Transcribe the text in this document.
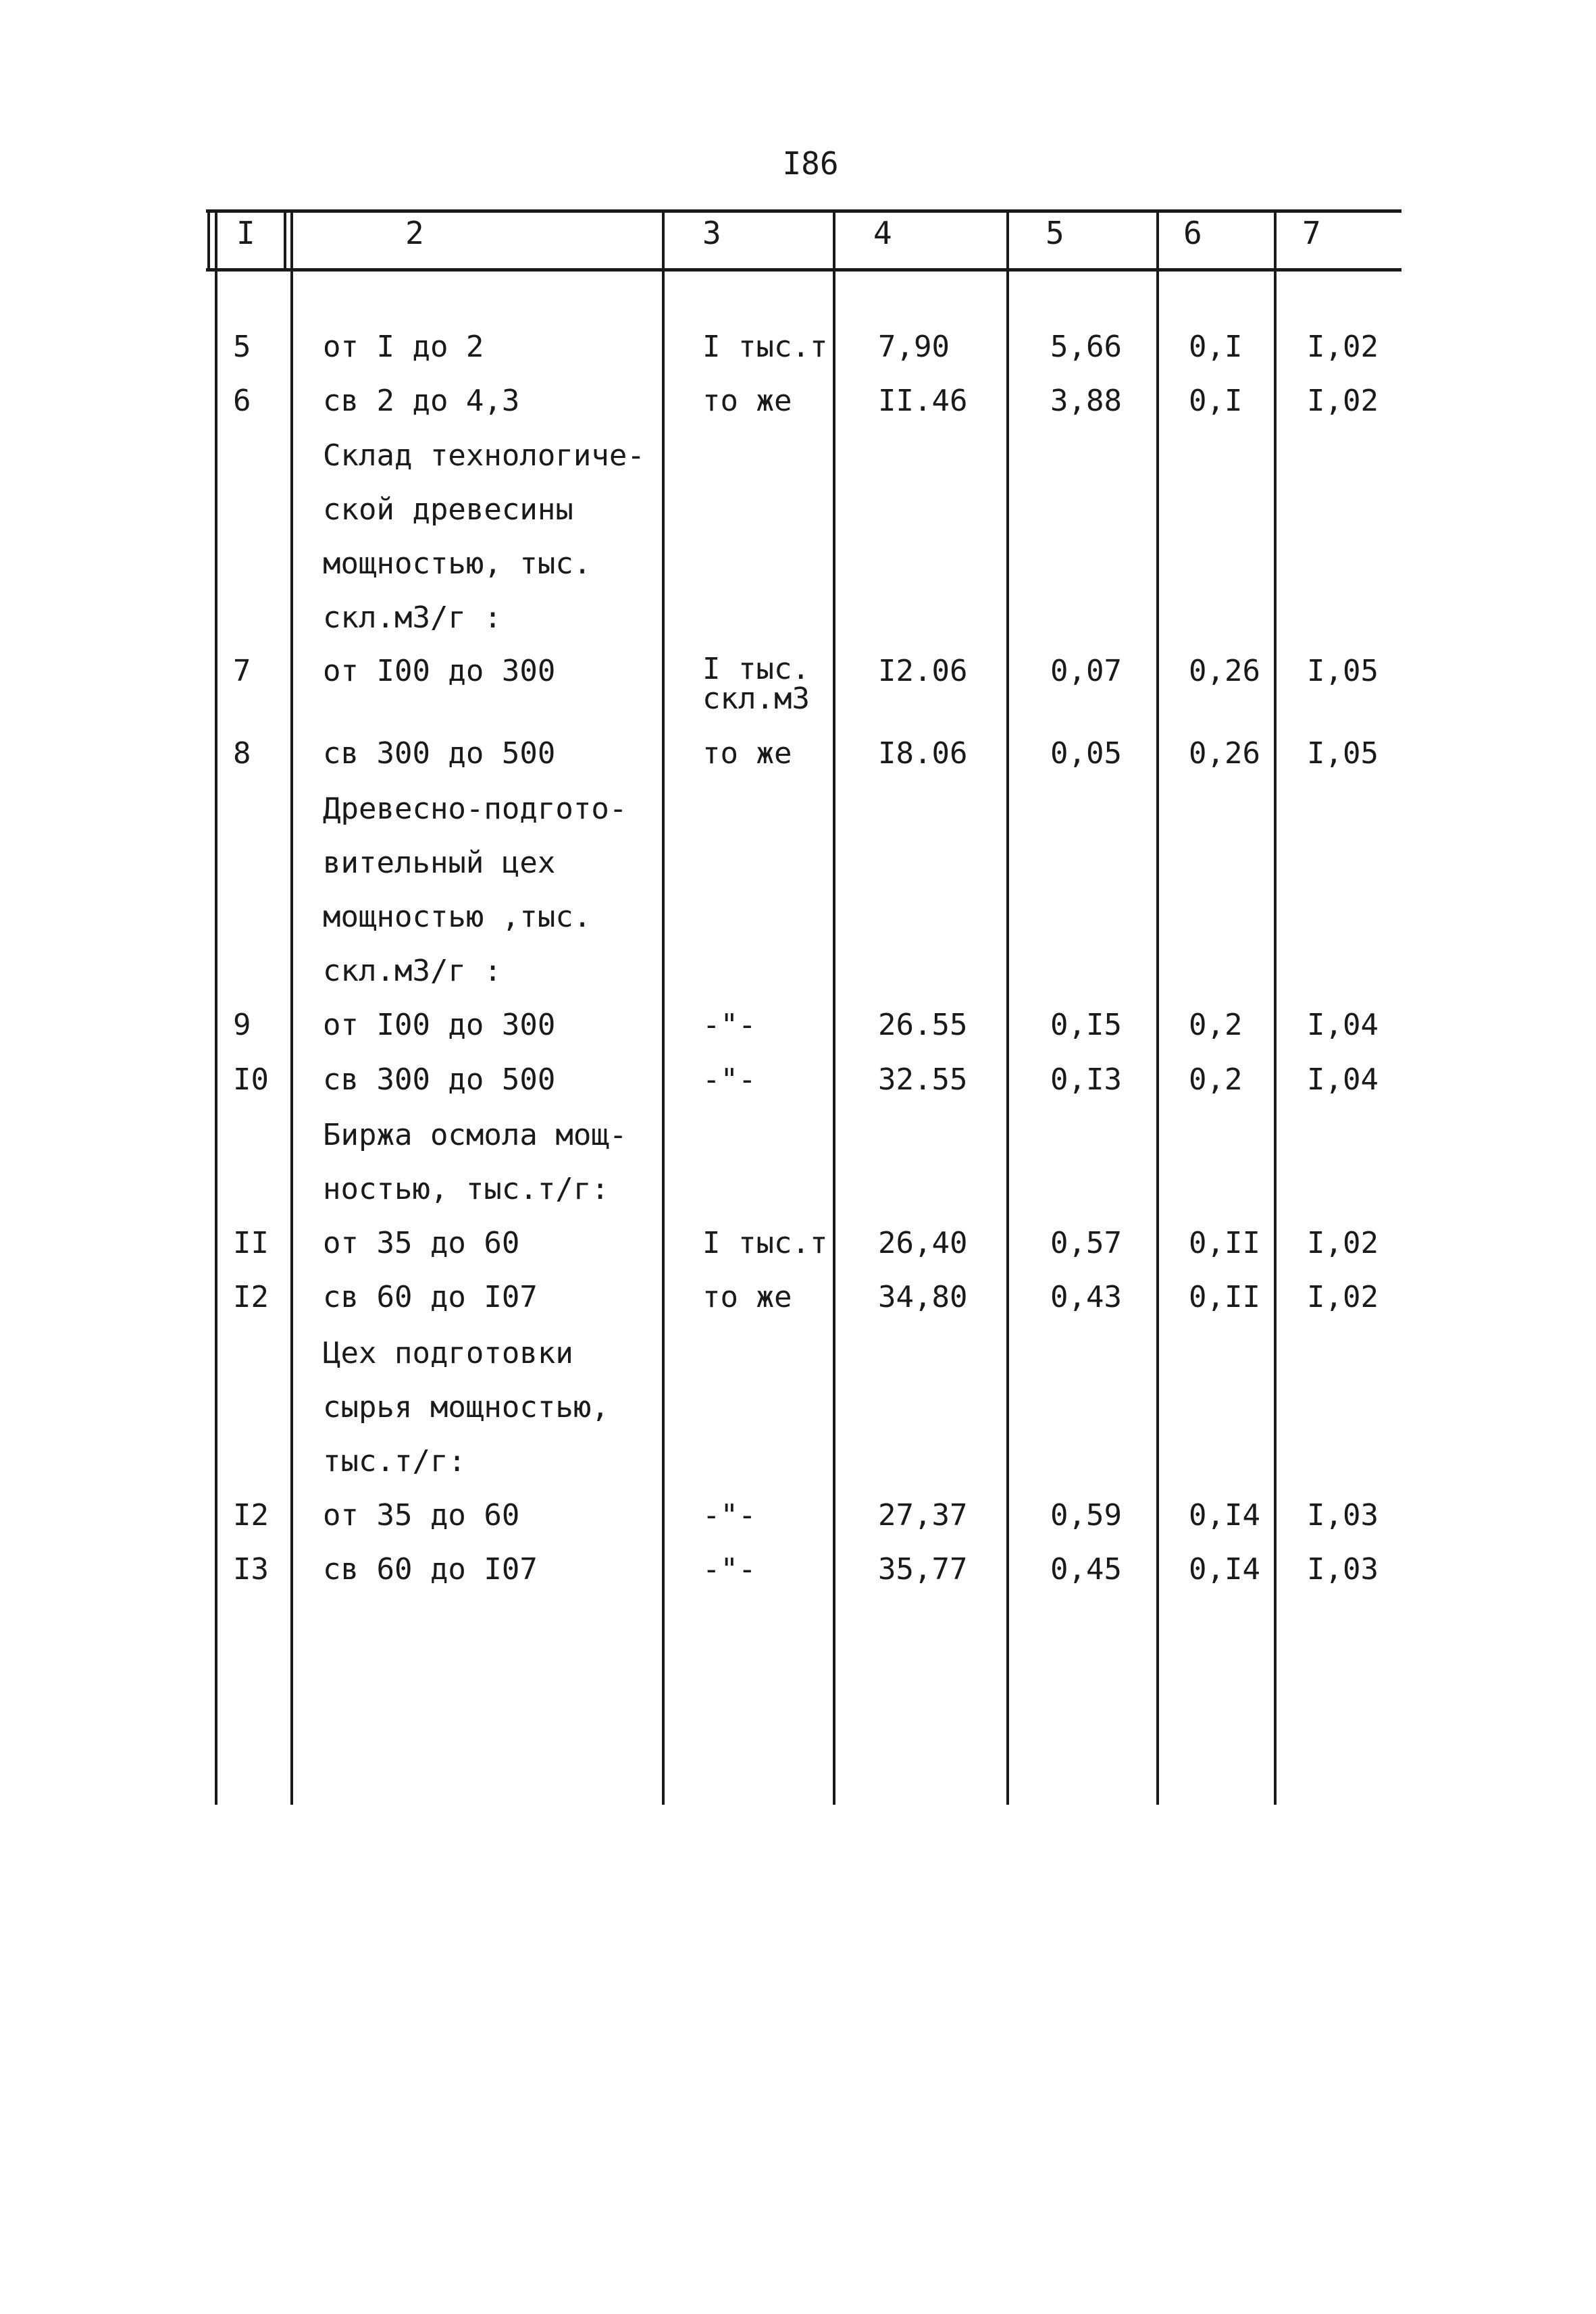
I86
I	2	3	4	5	6	7
5 от I до 2	I тыс.т 7,90	5,66 0,I I,02
6 св 2 до 4,3	то же	II.46	3,88 0,I I,02
Склад технологиче-
ской древесины
мощностью, тыс.
скл.м3/г :
7 от I00 до 300	I тыс.
скл.м3
I2.06	0,07 0,26 I,05
8 св 300 до 500	то же	I8.06	0,05 0,26 I,05
Древесно-подгото-
вительный цех
мощностью ,тыс.
скл.м3/г :
9 от I00 до 300	-"-	26.55	0,I5 0,2 I,04
I0 св 300 до 500	-"-	32.55	0,I3 0,2 I,04
Биржа осмола мощ-
ностью, тыс.т/г:
II от 35 до 60	I тыс.т 26,40	0,57 0,II I,02
I2 св 60 до I07	то же	34,80	0,43 0,II I,02
Цех подготовки
сырья мощностью,
тыс.т/г:
I2 от 35 до 60	-"-	27,37	0,59 0,I4 I,03
I3 св 60 до I07	-"-	35,77	0,45 0,I4 I,03
